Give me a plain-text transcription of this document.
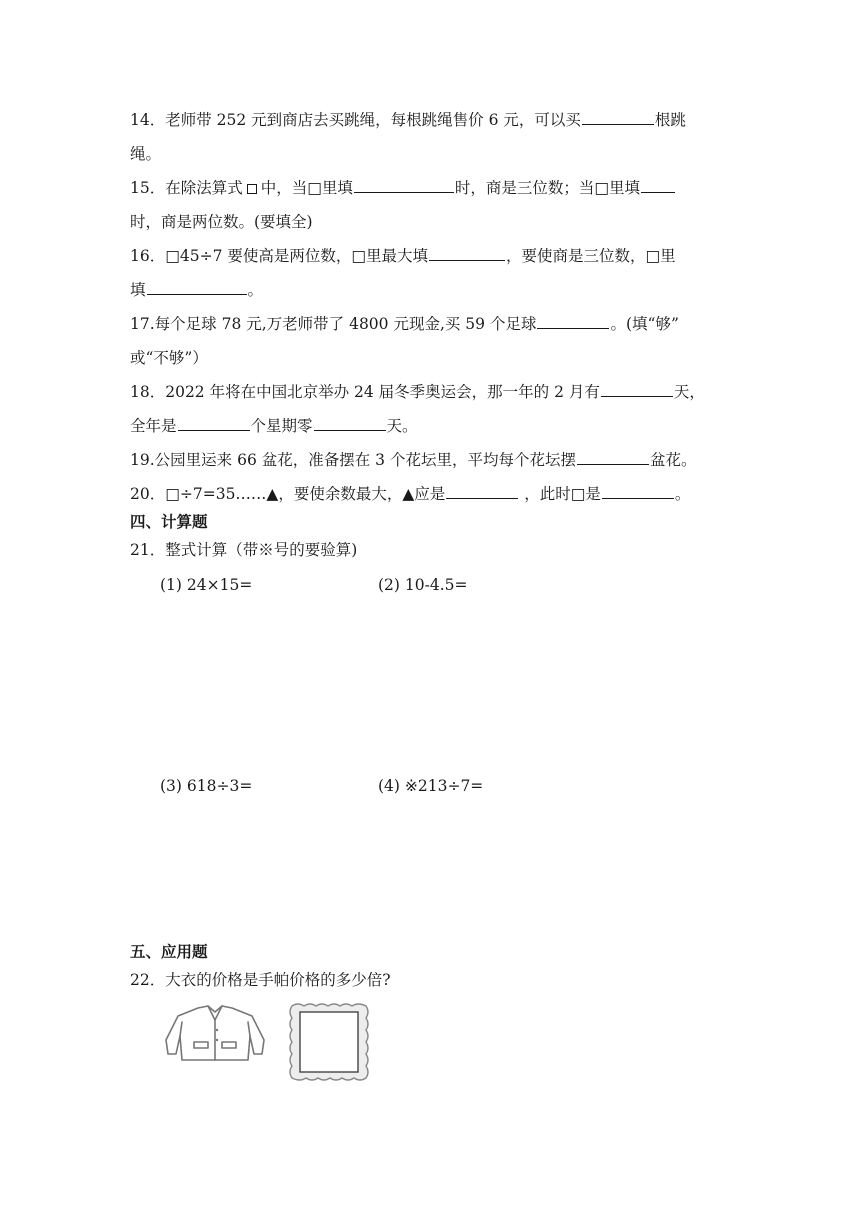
14．老师带 252 元到商店去买跳绳，每根跳绳售价 6 元，可以买	根跳
绳。
15．在除法算式 中，当□里填	时，商是三位数；当□里填
时，商是两位数。(要填全)
16．□45÷7 要使高是两位数，□里最大填	，要使商是三位数，□里
填	。
17.每个足球 78 元,万老师带了 4800 元现金,买 59 个足球	。(填“够”
或“不够”）
18．2022 年将在中国北京举办 24 届冬季奥运会，那一年的 2 月有	天，
全年是	个星期零	天。
19.公园里运来 66 盆花，准备摆在 3 个花坛里，平均每个花坛摆	盆花。
20．□÷7=35……▲，要使余数最大，▲应是	，此时□是	。
四、计算题
21．整式计算（带※号的要验算)
(1) 24×15=	(2) 10-4.5=
(3) 618÷3=	(4) ※213÷7=
五、应用题
22．大衣的价格是手帕价格的多少倍?
